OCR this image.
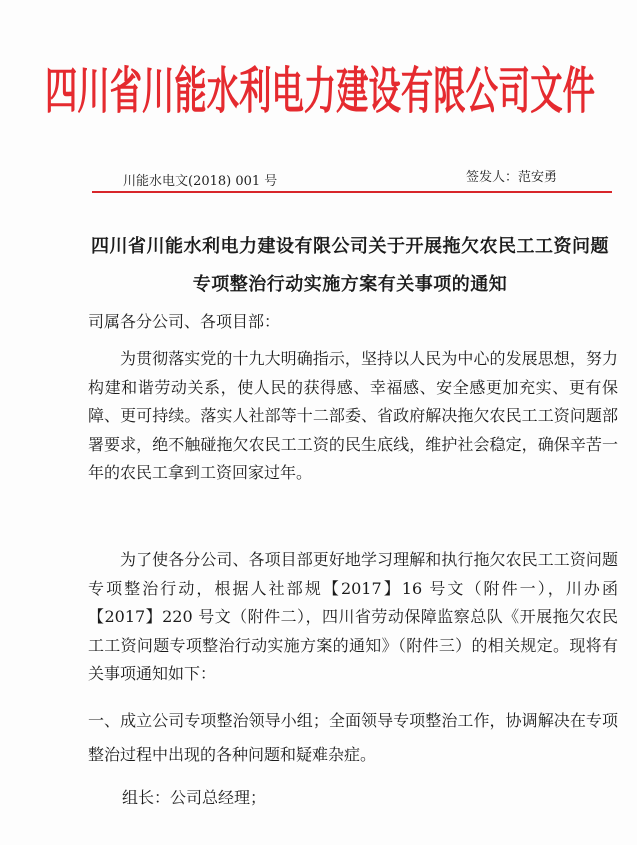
四川省川能水利电力建设有限公司文件
川能水电文(2018) 001 号	签发人：范安勇
四川省川能水利电力建设有限公司关于开展拖欠农民工工资问题
专项整治行动实施方案有关事项的通知
司属各分公司、各项目部：
为贯彻落实党的十九大明确指示，坚持以人民为中心的发展思想，努力构建和谐劳动关系，使人民的获得感、幸福感、安全感更加充实、更有保障、更可持续。落实人社部等十二部委、省政府解决拖欠农民工工资问题部署要求，绝不触碰拖欠农民工工资的民生底线，维护社会稳定，确保辛苦一年的农民工拿到工资回家过年。
为了使各分公司、各项目部更好地学习理解和执行拖欠农民工工资问题专项整治行动，根据人社部规【2017】16 号文（附件一），川办函【2017】220 号文（附件二），四川省劳动保障监察总队《开展拖欠农民工工资问题专项整治行动实施方案的通知》（附件三）的相关规定。现将有关事项通知如下：
一、成立公司专项整治领导小组；全面领导专项整治工作，协调解决在专项整治过程中出现的各种问题和疑难杂症。
组长：公司总经理；
